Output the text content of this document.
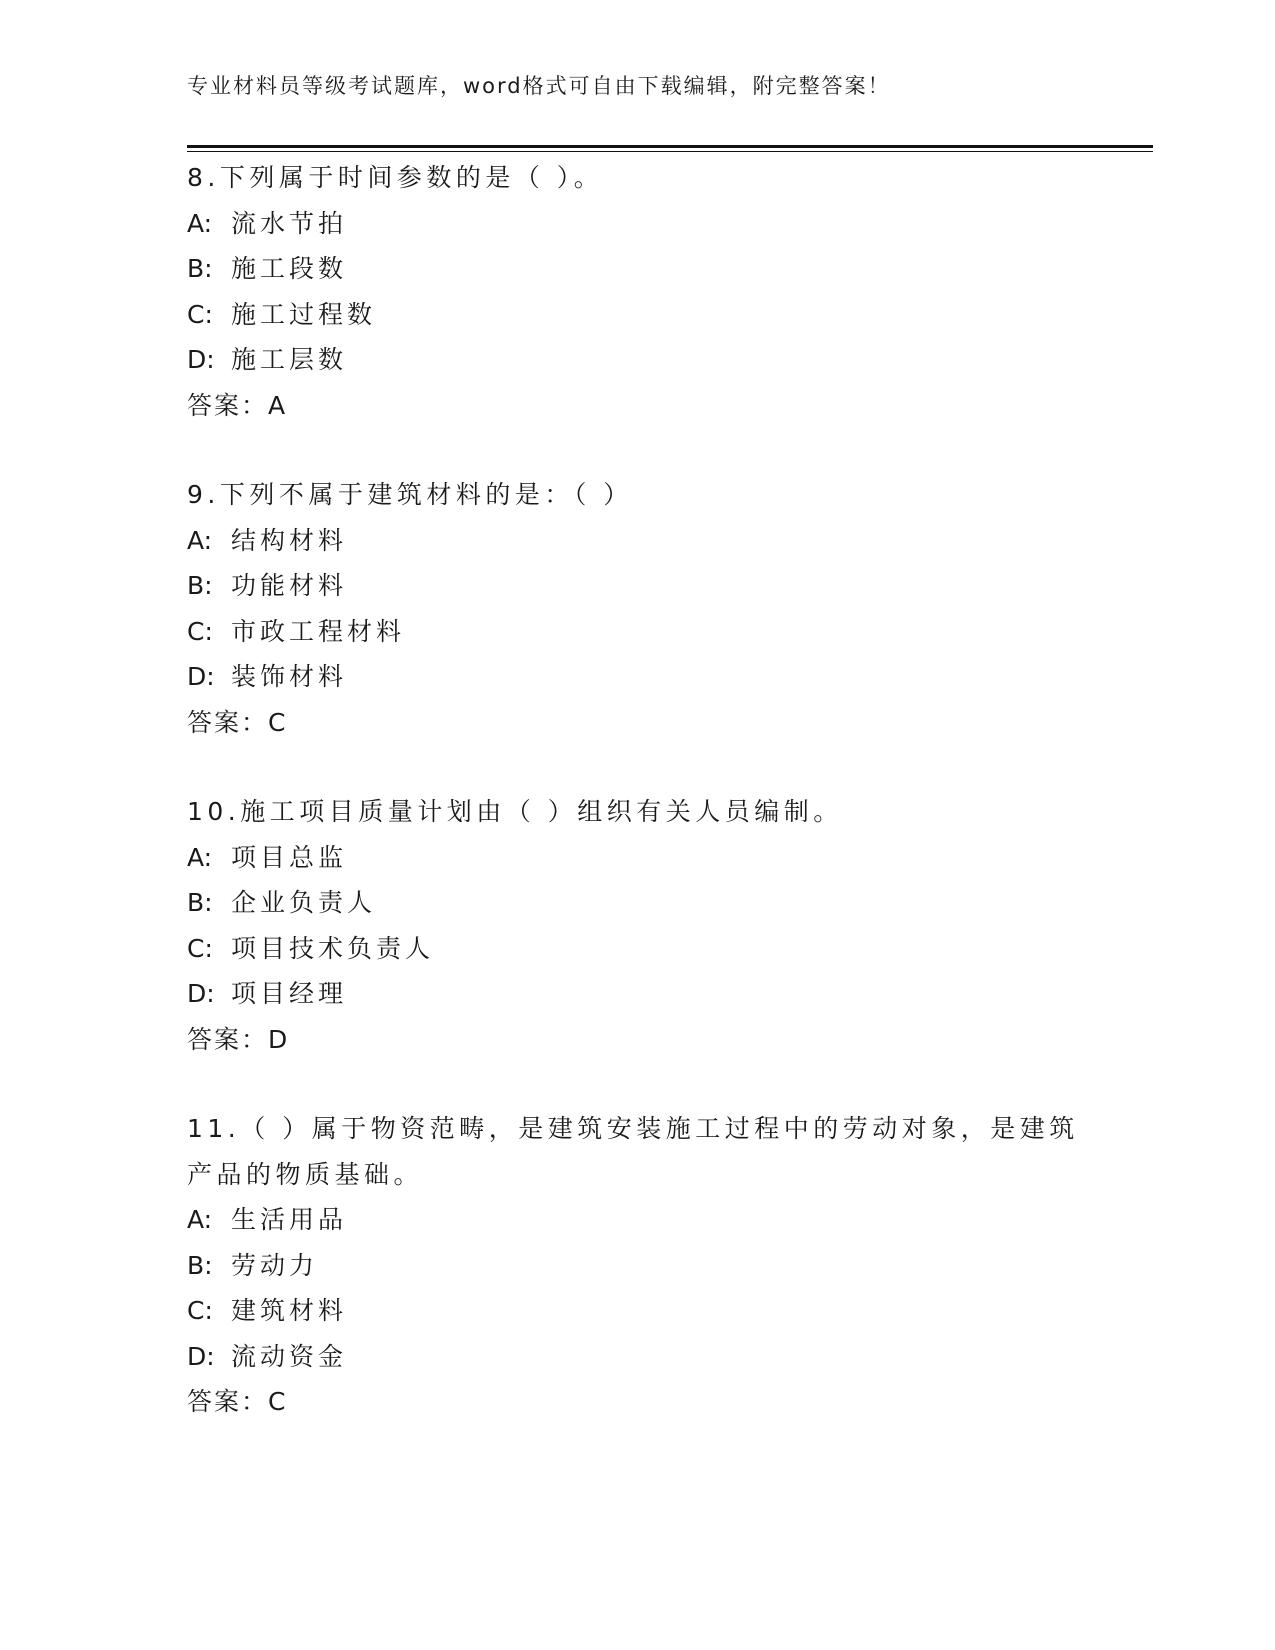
专业材料员等级考试题库，word格式可自由下载编辑，附完整答案！
8.下列属于时间参数的是（ ）。
A: 流水节拍
B: 施工段数
C: 施工过程数
D: 施工层数
答案：A
9.下列不属于建筑材料的是：（ ）
A: 结构材料
B: 功能材料
C: 市政工程材料
D: 装饰材料
答案：C
10.施工项目质量计划由（ ）组织有关人员编制。
A: 项目总监
B: 企业负责人
C: 项目技术负责人
D: 项目经理
答案：D
11.（ ）属于物资范畴，是建筑安装施工过程中的劳动对象，是建筑
产品的物质基础。
A: 生活用品
B: 劳动力
C: 建筑材料
D: 流动资金
答案：C
